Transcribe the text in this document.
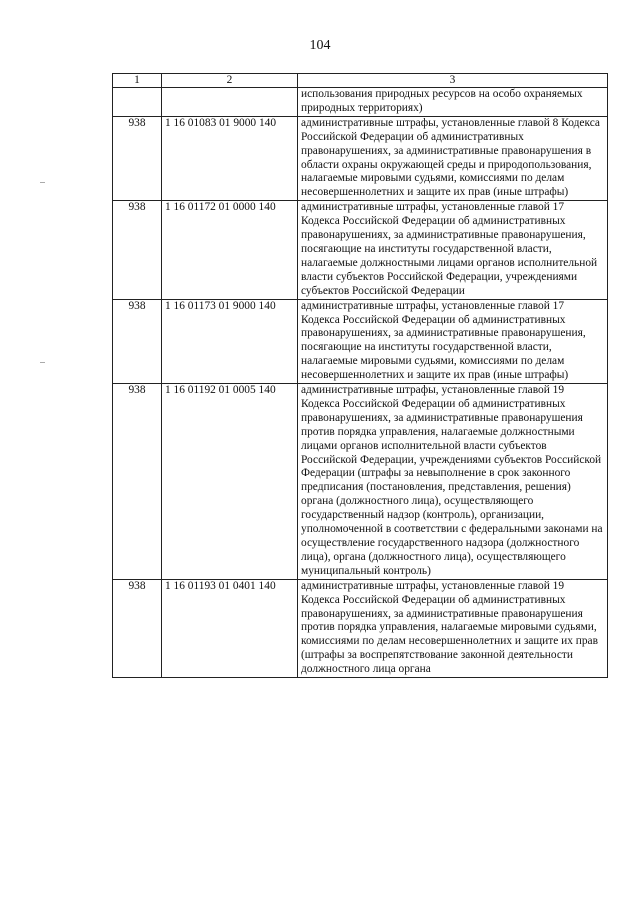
104
1	2	3
		использования природных ресурсов на особо охраняемых природных территориях)
938	1 16 01083 01 9000 140	административные штрафы, установленные главой 8 Кодекса Российской Федерации об административных правонарушениях, за административные правонарушения в области охраны окружающей среды и природопользования, налагаемые мировыми судьями, комиссиями по делам несовершеннолетних и защите их прав (иные штрафы)
938	1 16 01172 01 0000 140	административные штрафы, установленные главой 17 Кодекса Российской Федерации об административных правонарушениях, за административные правонарушения, посягающие на институты государственной власти, налагаемые должностными лицами органов исполнительной власти субъектов Российской Федерации, учреждениями субъектов Российской Федерации
938	1 16 01173 01 9000 140	административные штрафы, установленные главой 17 Кодекса Российской Федерации об административных правонарушениях, за административные правонарушения, посягающие на институты государственной власти, налагаемые мировыми судьями, комиссиями по делам несовершеннолетних и защите их прав (иные штрафы)
938	1 16 01192 01 0005 140	административные штрафы, установленные главой 19 Кодекса Российской Федерации об административных правонарушениях, за административные правонарушения против порядка управления, налагаемые должностными лицами органов исполнительной власти субъектов Российской Федерации, учреждениями субъектов Российской Федерации (штрафы за невыполнение в срок законного предписания (постановления, представления, решения) органа (должностного лица), осуществляющего государственный надзор (контроль), организации, уполномоченной в соответствии с федеральными законами на осуществление государственного надзора (должностного лица), органа (должностного лица), осуществляющего муниципальный контроль)
938	1 16 01193 01 0401 140	административные штрафы, установленные главой 19 Кодекса Российской Федерации об административных правонарушениях, за административные правонарушения против порядка управления, налагаемые мировыми судьями, комиссиями по делам несовершеннолетних и защите их прав (штрафы за воспрепятствование законной деятельности должностного лица органа
